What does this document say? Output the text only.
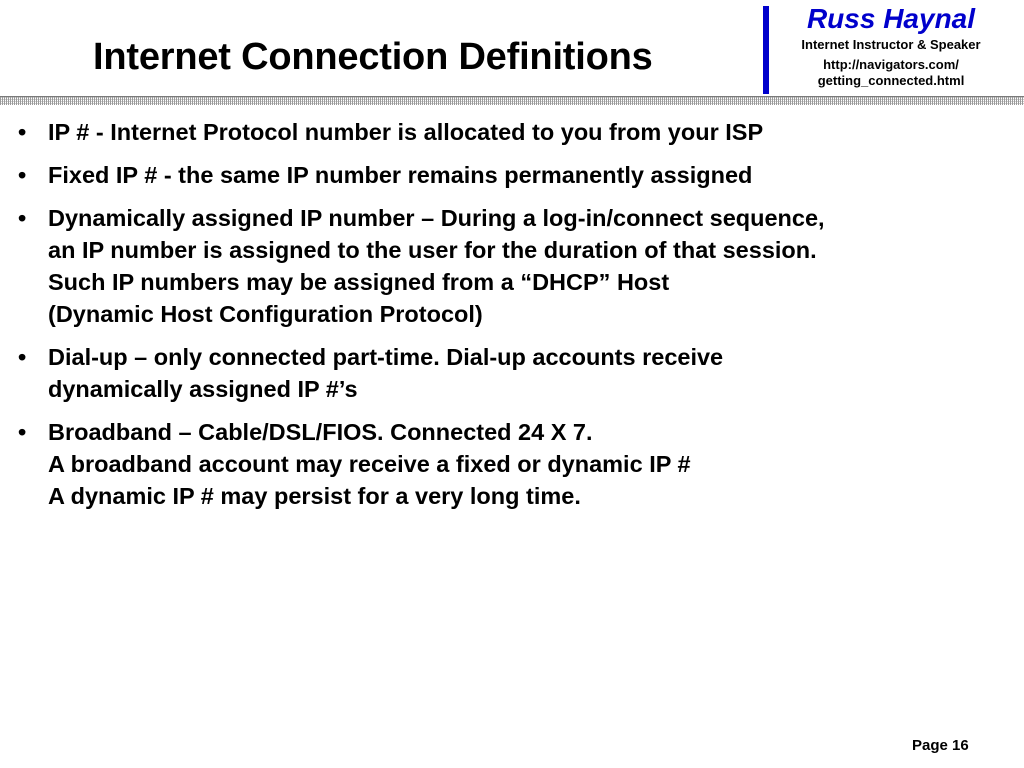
Internet Connection Definitions
Russ Haynal
Internet Instructor & Speaker
http://navigators.com/
getting_connected.html
• IP # - Internet Protocol number is allocated to you from your ISP
• Fixed IP # - the same IP number remains permanently assigned
• Dynamically assigned IP number – During a log-in/connect sequence,
an IP number is assigned to the user for the duration of that session.
Such IP numbers may be assigned from a “DHCP” Host
(Dynamic Host Configuration Protocol)
• Dial-up – only connected part-time. Dial-up accounts receive
dynamically assigned IP #’s
• Broadband – Cable/DSL/FIOS. Connected 24 X 7.
A broadband account may receive a fixed or dynamic IP #
A dynamic IP # may persist for a very long time.
Page 16
